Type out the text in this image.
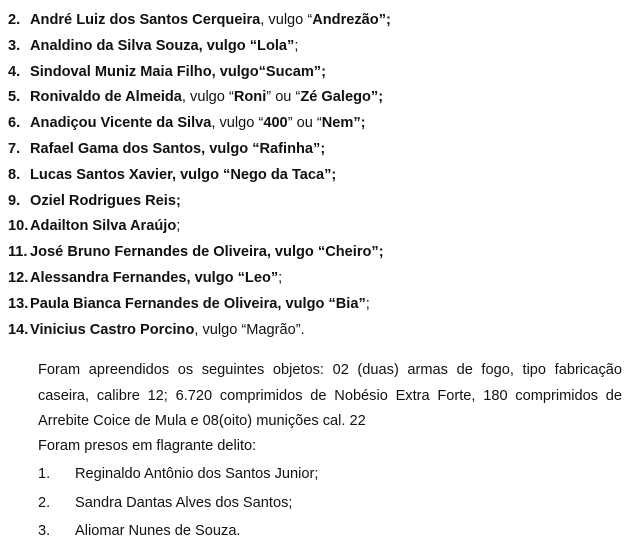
2. André Luiz dos Santos Cerqueira, vulgo “Andrezão”;
3. Analdino da Silva Souza, vulgo “Lola”;
4. Sindoval Muniz Maia Filho, vulgo“Sucam”;
5. Ronivaldo de Almeida, vulgo “Roni” ou “Zé Galego”;
6. Anadiçou Vicente da Silva, vulgo “400” ou “Nem”;
7. Rafael Gama dos Santos, vulgo “Rafinha”;
8. Lucas Santos Xavier, vulgo “Nego da Taca”;
9. Oziel Rodrigues Reis;
10. Adailton Silva Araújo;
11. José Bruno Fernandes de Oliveira, vulgo “Cheiro”;
12. Alessandra Fernandes, vulgo “Leo”;
13. Paula Bianca Fernandes de Oliveira, vulgo “Bia”;
14. Vinicius Castro Porcino, vulgo “Magrão”.
Foram apreendidos os seguintes objetos: 02 (duas) armas de fogo, tipo fabricação
caseira, calibre 12; 6.720 comprimidos de Nobésio Extra Forte, 180 comprimidos de
Arrebite Coice de Mula e 08(oito) munições cal. 22
Foram presos em flagrante delito:
1. Reginaldo Antônio dos Santos Junior;
2. Sandra Dantas Alves dos Santos;
3. Aliomar Nunes de Souza.
